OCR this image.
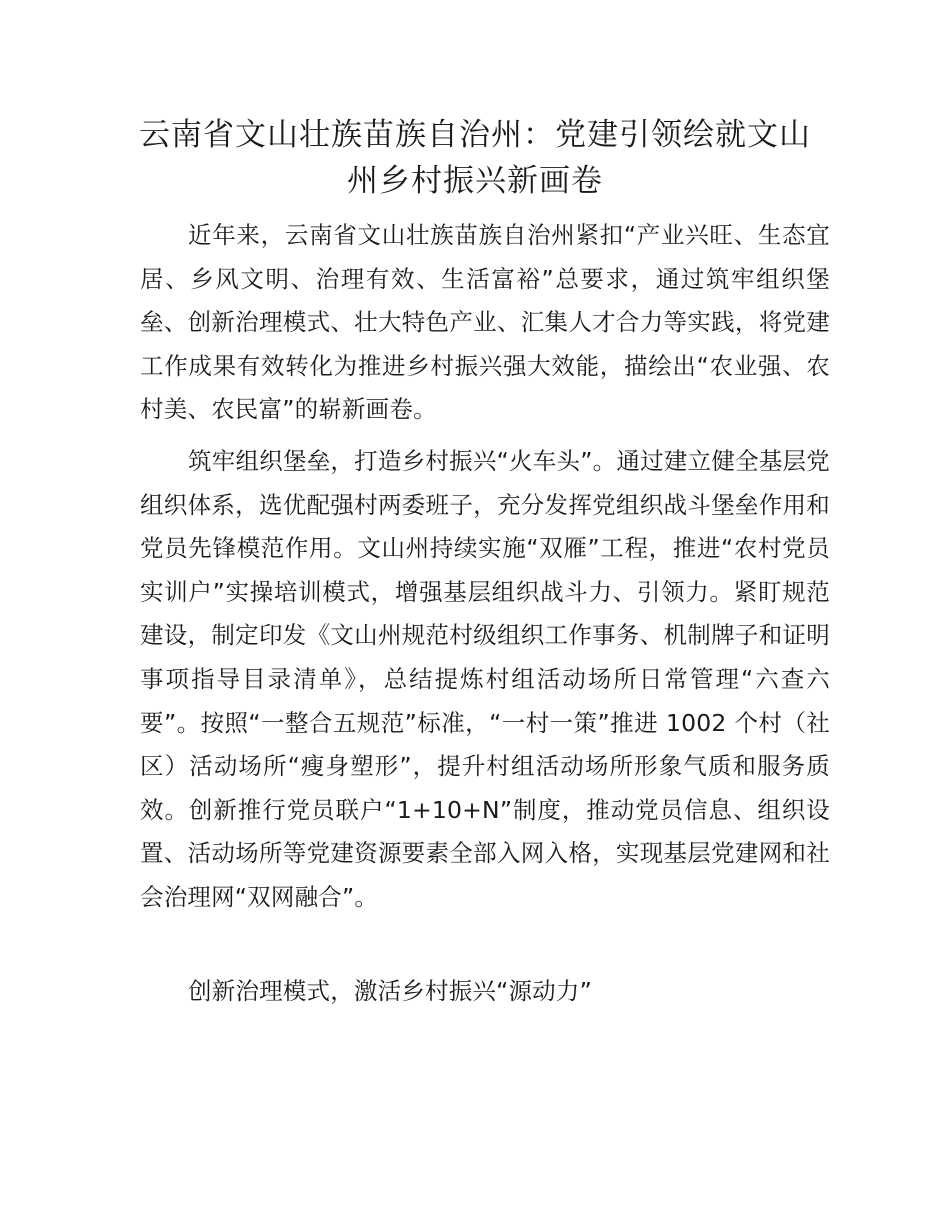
云南省文山壮族苗族自治州：党建引领绘就文山州乡村振兴新画卷

近年来，云南省文山壮族苗族自治州紧扣“产业兴旺、生态宜居、乡风文明、治理有效、生活富裕”总要求，通过筑牢组织堡垒、创新治理模式、壮大特色产业、汇集人才合力等实践，将党建工作成果有效转化为推进乡村振兴强大效能，描绘出“农业强、农村美、农民富”的崭新画卷。

筑牢组织堡垒，打造乡村振兴“火车头”。通过建立健全基层党组织体系，选优配强村两委班子，充分发挥党组织战斗堡垒作用和党员先锋模范作用。文山州持续实施“双雁”工程，推进“农村党员实训户”实操培训模式，增强基层组织战斗力、引领力。紧盯规范建设，制定印发《文山州规范村级组织工作事务、机制牌子和证明事项指导目录清单》，总结提炼村组活动场所日常管理“六查六要”。按照“一整合五规范”标准，“一村一策”推进 1002 个村（社区）活动场所“瘦身塑形”，提升村组活动场所形象气质和服务质效。创新推行党员联户“1+10+N”制度，推动党员信息、组织设置、活动场所等党建资源要素全部入网入格，实现基层党建网和社会治理网“双网融合”。

创新治理模式，激活乡村振兴“源动力”
